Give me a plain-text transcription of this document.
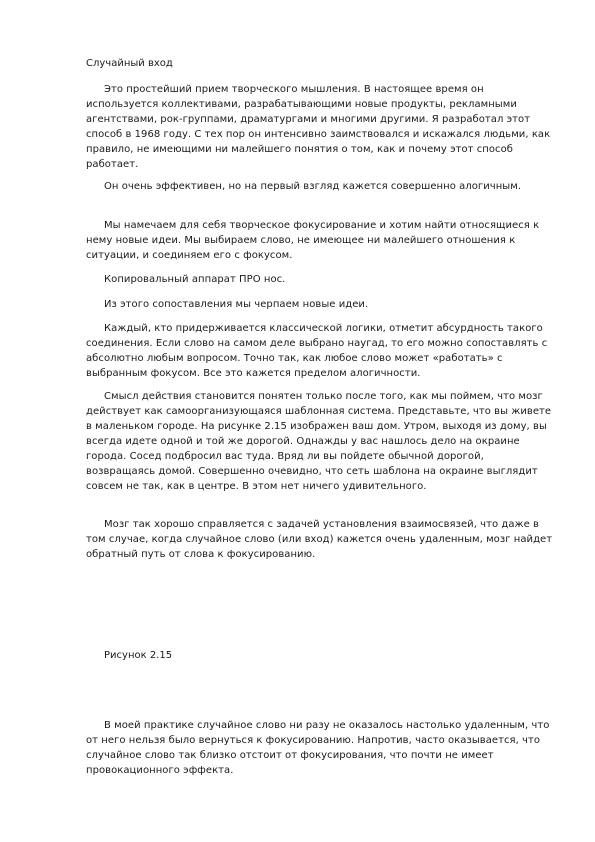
Случайный вход

Это простейший прием творческого мышления. В настоящее время он используется коллективами, разрабатывающими новые продукты, рекламными агентствами, рок-группами, драматургами и многими другими. Я разработал этот способ в 1968 году. С тех пор он интенсивно заимствовался и искажался людьми, как правило, не имеющими ни малейшего понятия о том, как и почему этот способ работает.

Он очень эффективен, но на первый взгляд кажется совершенно алогичным.

Мы намечаем для себя творческое фокусирование и хотим найти относящиеся к нему новые идеи. Мы выбираем слово, не имеющее ни малейшего отношения к ситуации, и соединяем его с фокусом.

Копировальный аппарат ПРО нос.

Из этого сопоставления мы черпаем новые идеи.

Каждый, кто придерживается классической логики, отметит абсурдность такого соединения. Если слово на самом деле выбрано наугад, то его можно сопоставлять с абсолютно любым вопросом. Точно так, как любое слово может «работать» с выбранным фокусом. Все это кажется пределом алогичности.

Смысл действия становится понятен только после того, как мы поймем, что мозг действует как самоорганизующаяся шаблонная система. Представьте, что вы живете в маленьком городе. На рисунке 2.15 изображен ваш дом. Утром, выходя из дому, вы всегда идете одной и той же дорогой. Однажды у вас нашлось дело на окраине города. Сосед подбросил вас туда. Вряд ли вы пойдете обычной дорогой, возвращаясь домой. Совершенно очевидно, что сеть шаблона на окраине выглядит совсем не так, как в центре. В этом нет ничего удивительного.

Мозг так хорошо справляется с задачей установления взаимосвязей, что даже в том случае, когда случайное слово (или вход) кажется очень удаленным, мозг найдет обратный путь от слова к фокусированию.

Рисунок 2.15

В моей практике случайное слово ни разу не оказалось настолько удаленным, что от него нельзя было вернуться к фокусированию. Напротив, часто оказывается, что случайное слово так близко отстоит от фокусирования, что почти не имеет провокационного эффекта.
